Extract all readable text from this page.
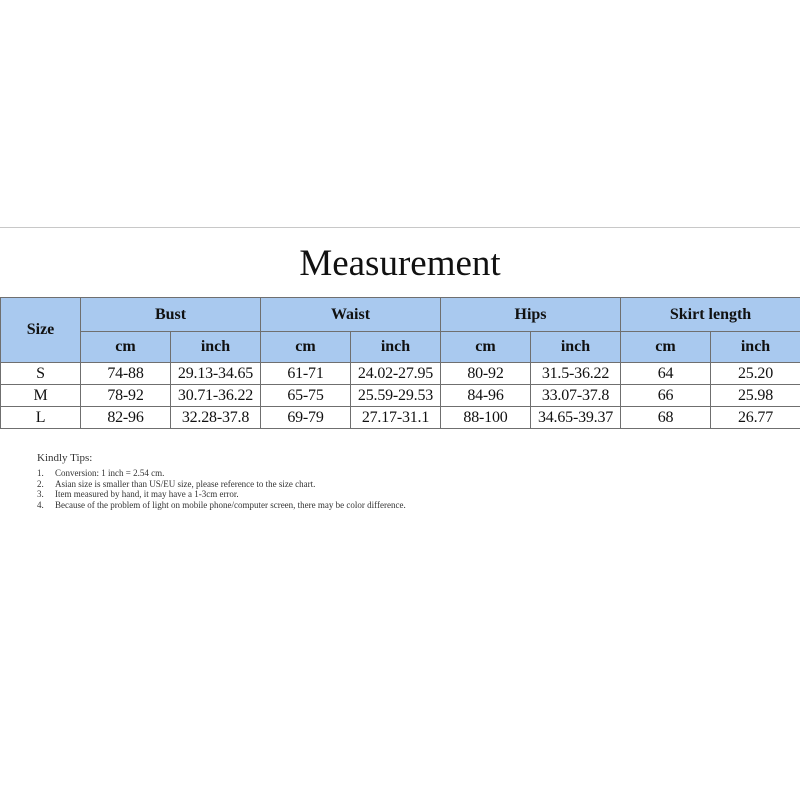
Measurement
Size	Bust		Waist		Hips		Skirt length	
	cm	inch	cm	inch	cm	inch	cm	inch
S	74-88	29.13-34.65	61-71	24.02-27.95	80-92	31.5-36.22	64	25.20
M	78-92	30.71-36.22	65-75	25.59-29.53	84-96	33.07-37.8	66	25.98
L	82-96	32.28-37.8	69-79	27.17-31.1	88-100	34.65-39.37	68	26.77
Kindly Tips:
1.	Conversion: 1 inch = 2.54 cm.
2.	Asian size is smaller than US/EU size, please reference to the size chart.
3.	Item measured by hand, it may have a 1-3cm error.
4.	Because of the problem of light on mobile phone/computer screen, there may be color difference.
